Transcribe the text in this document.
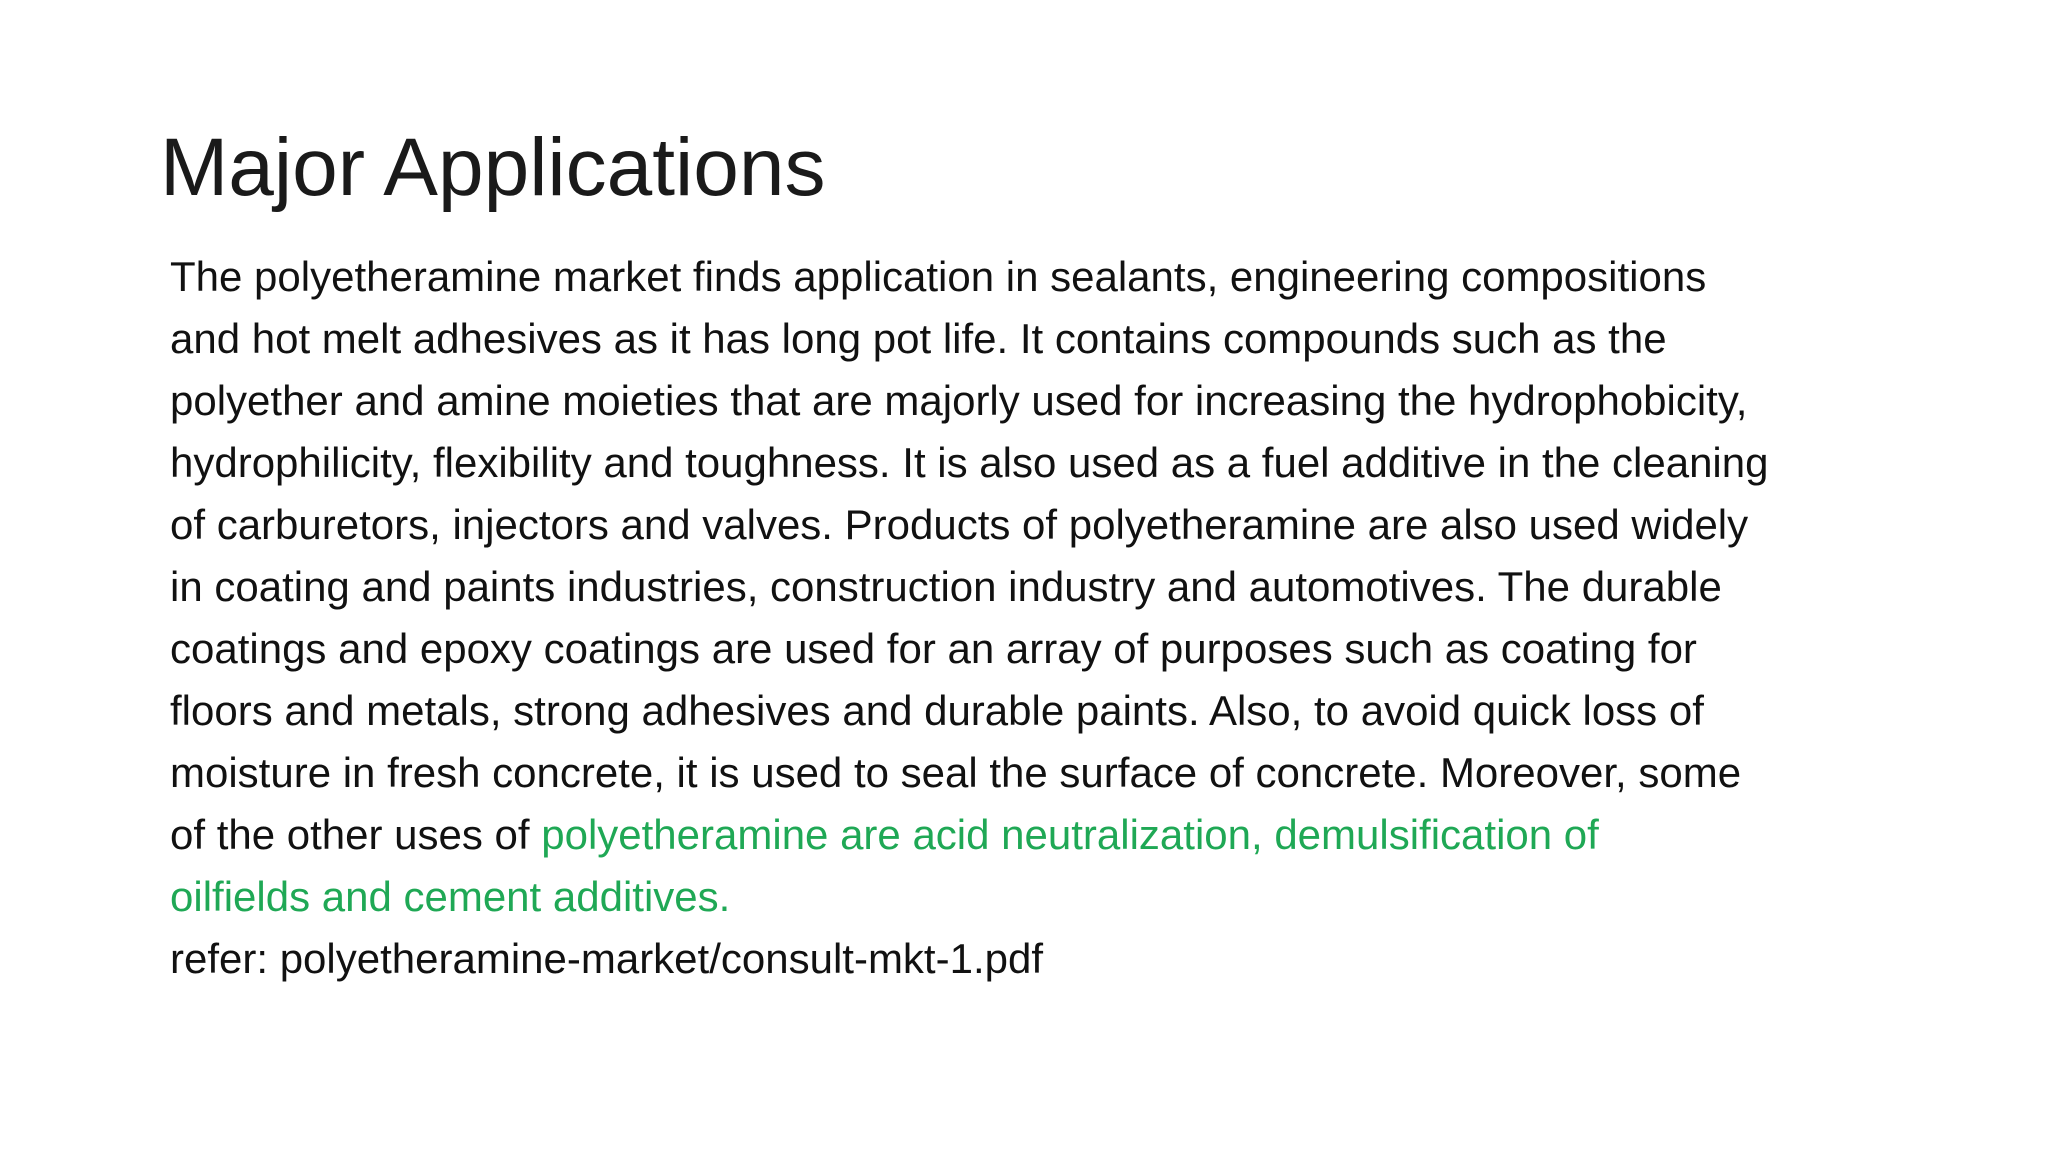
Major Applications
The polyetheramine market finds application in sealants, engineering compositions
and hot melt adhesives as it has long pot life. It contains compounds such as the
polyether and amine moieties that are majorly used for increasing the hydrophobicity,
hydrophilicity, flexibility and toughness. It is also used as a fuel additive in the cleaning
of carburetors, injectors and valves. Products of polyetheramine are also used widely
in coating and paints industries, construction industry and automotives. The durable
coatings and epoxy coatings are used for an array of purposes such as coating for
floors and metals, strong adhesives and durable paints. Also, to avoid quick loss of
moisture in fresh concrete, it is used to seal the surface of concrete. Moreover, some
of the other uses of polyetheramine are acid neutralization, demulsification of
oilfields and cement additives.
refer: polyetheramine-market/consult-mkt-1.pdf
